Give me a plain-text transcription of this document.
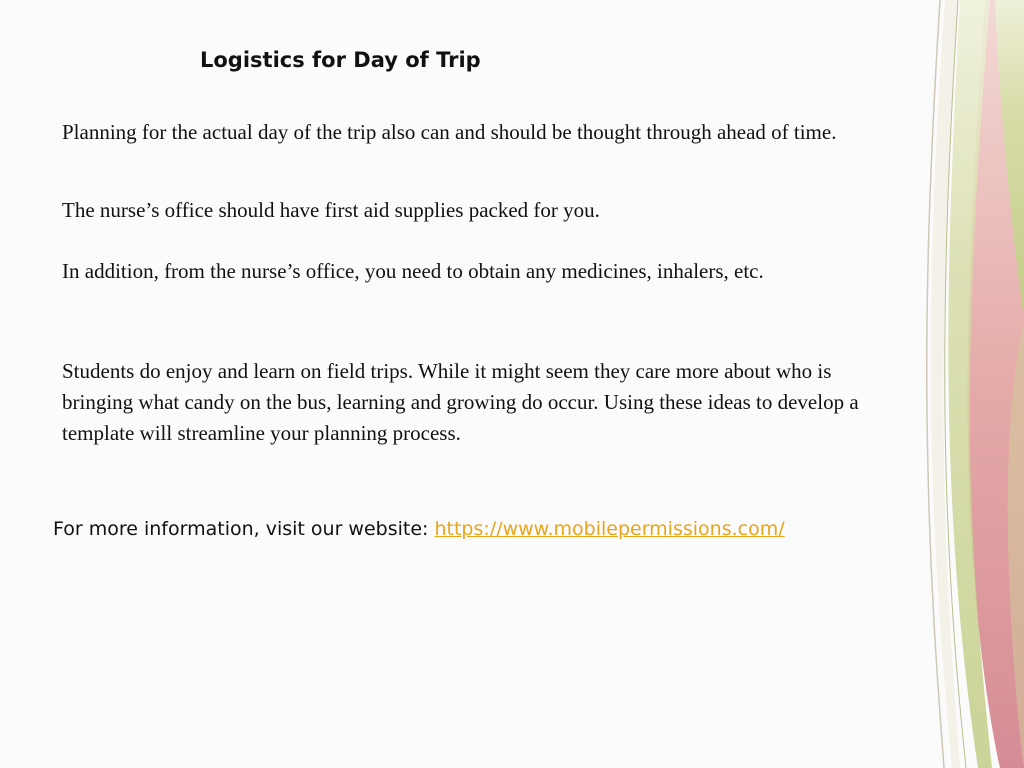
Logistics for Day of Trip
Planning for the actual day of the trip also can and should be thought through ahead of time.
The nurse’s office should have first aid supplies packed for you.
In addition, from the nurse’s office, you need to obtain any medicines, inhalers, etc.
Students do enjoy and learn on field trips. While it might seem they care more about who is bringing what candy on the bus, learning and growing do occur. Using these ideas to develop a template will streamline your planning process.
For more information, visit our website: https://www.mobilepermissions.com/
